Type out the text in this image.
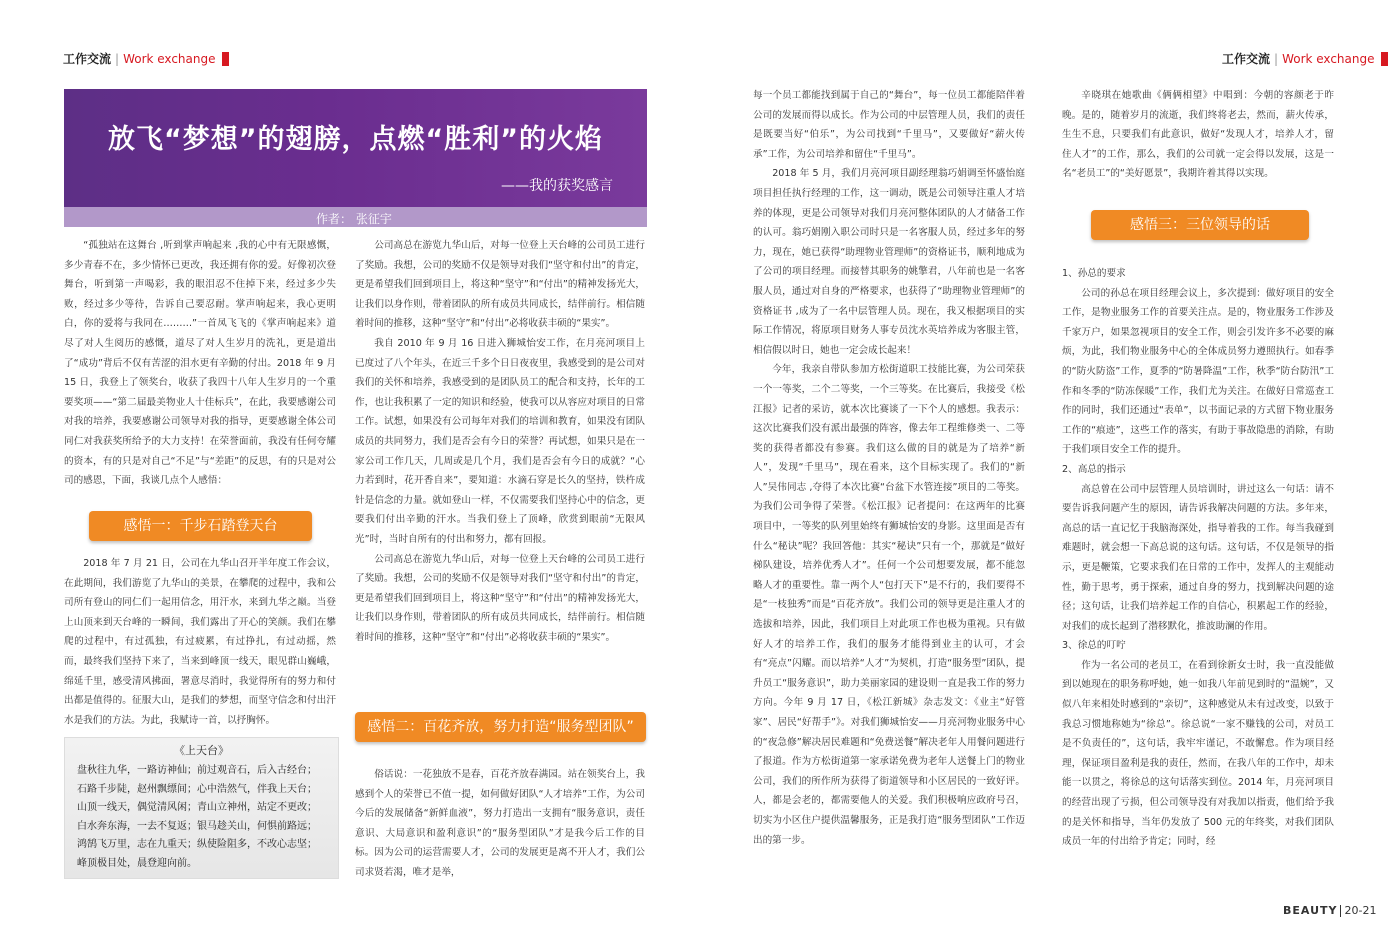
工作交流 | Work exchange	工作交流 | Work exchange
放飞“梦想”的翅膀，点燃“胜利”的火焰
——我的获奖感言
作者： 张征宇

“孤独站在这舞台 ,听到掌声响起来 ,我的心中有无限感慨，多少青春不在，多少情怀已更改，我还拥有你的爱。好像初次登舞台，听到第一声喝彩，我的眼泪忍不住掉下来，经过多少失败，经过多少等待，告诉自己要忍耐。掌声响起来，我心更明白，你的爱将与我同在………”一首凤飞飞的《掌声响起来》道尽了对人生阅历的感慨，道尽了对人生岁月的洗礼，更是道出了“成功”背后不仅有苦涩的泪水更有辛勤的付出。2018 年 9 月 15 日，我登上了领奖台，收获了我四十八年人生岁月的一个重要奖项——“第二届最美物业人十佳标兵”，在此，我要感谢公司对我的培养，我要感谢公司领导对我的指导，更要感谢全体公司同仁对我获奖所给予的大力支持！在荣誉面前，我没有任何夸耀的资本，有的只是对自己“不足”与“差距”的反思，有的只是对公司的感恩，下面，我谈几点个人感悟：

感悟一：千步石踏登天台

2018 年 7 月 21 日，公司在九华山召开半年度工作会议，在此期间，我们游览了九华山的美景，在攀爬的过程中，我和公司所有登山的同仁们一起用信念，用汗水，来到九华之巅。当登上山顶来到天台峰的一瞬间，我们露出了开心的笑颜。我们在攀爬的过程中，有过孤独，有过疲累，有过挣扎，有过动摇，然而，最终我们坚持下来了，当来到峰顶一线天，眼见群山巍峨，绵延千里，感受清风拂面，署意尽消时，我觉得所有的努力和付出都是值得的。征服大山，是我们的梦想，而坚守信念和付出汗水是我们的方法。为此，我赋诗一首，以抒胸怀。

《上天台》
盘秋往九华，一路访神仙；前过观音石，后入古经台；
石路千步陡，赵州飘缥间；心中浩然气，伴我上天台；
山顶一线天，偶觉清风闲；青山立神州，站定不更改；
白水奔东海，一去不复返；银马趁关山，何惧前路远；
鸿鹄飞万里，志在九重天；纵使险阻多，不改心志坚；
峰顶极目处，晨登迎向前。

公司高总在游览九华山后，对每一位登上天台峰的公司员工进行了奖励。我想，公司的奖励不仅是领导对我们“坚守和付出”的肯定，更是希望我们回到项目上，将这种“坚守”和“付出”的精神发扬光大，让我们以身作则，带着团队的所有成员共同成长，结伴前行。相信随着时间的推移，这种“坚守”和“付出”必将收获丰硕的“果实”。

我自 2010 年 9 月 16 日进入狮城怡安工作，在月亮河项目上已度过了八个年头，在近三千多个日日夜夜里，我感受到的是公司对我们的关怀和培养，我感受到的是团队员工的配合和支持，长年的工作，也让我积累了一定的知识和经验，使我可以从容应对项目的日常工作。试想，如果没有公司每年对我们的培训和教育，如果没有团队成员的共同努力，我们是否会有今日的荣誉？再试想，如果只是在一家公司工作几天，几周或是几个月，我们是否会有今日的成就？“心力若到时，花开香自来”，要知道：水滴石穿是长久的坚持，铁杵成针是信念的力量。就如登山一样，不仅需要我们坚持心中的信念，更要我们付出辛勤的汗水。当我们登上了顶峰，欣赏到眼前“无限风光”时，当时自所有的付出和努力，都有回报。

公司高总在游览九华山后，对每一位登上天台峰的公司员工进行了奖励。我想，公司的奖励不仅是领导对我们“坚守和付出”的肯定，更是希望我们回到项目上，将这种“坚守”和“付出”的精神发扬光大，让我们以身作则，带着团队的所有成员共同成长，结伴前行。相信随着时间的推移，这种“坚守”和“付出”必将收获丰硕的“果实”。

感悟二：百花齐放，努力打造“服务型团队”

俗话说：一花独放不是春，百花齐放春满园。站在领奖台上，我感到个人的荣誉已不值一提，如何做好团队“人才培养”工作，为公司今后的发展储备“新鲜血液”，努力打造出一支拥有“服务意识，责任意识、大局意识和盈利意识”的“服务型团队”才是我今后工作的目标。因为公司的运营需要人才，公司的发展更是离不开人才，我们公司求贤若渴，唯才是举，

每一个员工都能找到属于自己的“舞台”，每一位员工都能陪伴着公司的发展而得以成长。作为公司的中层管理人员，我们的责任是既要当好“伯乐”，为公司找到“千里马”，又要做好“薪火传承”工作，为公司培养和留住“千里马”。

2018 年 5 月，我们月亮河项目副经理翁巧娟调至怀盛怡庭项目担任执行经理的工作，这一调动，既是公司领导注重人才培养的体现，更是公司领导对我们月亮河整体团队的人才储备工作的认可。翁巧娟刚入职公司时只是一名客服人员，经过多年的努力，现在，她已获得“助理物业管理师”的资格证书，顺利地成为了公司的项目经理。而接替其职务的姚擎君，八年前也是一名客服人员，通过对自身的严格要求，也获得了“助理物业管理师”的资格证书 ,成为了一名中层管理人员。现在，我又根据项目的实际工作情况，将原项目财务人事专员沈水英培养成为客服主管，相信假以时日，她也一定会成长起来！

今年，我亲自带队参加方松街道职工技能比赛，为公司荣获一个一等奖，二个二等奖，一个三等奖。在比赛后，我接受《松江报》记者的采访，就本次比赛谈了一下个人的感想。我表示：这次比赛我们没有派出最强的阵容，像去年工程维修类一、二等奖的获得者都没有参赛。我们这么做的目的就是为了培养“新人”，发现“千里马”，现在看来，这个目标实现了。我们的“新人”吴伟同志 ,夺得了本次比赛“台盆下水管连接”项目的二等奖。为我们公司争得了荣誉。《松江报》记者提问：在这两年的比赛项目中，一等奖的队列里始终有狮城怡安的身影。这里面是否有什么“秘诀”呢？我回答他：其实“秘诀”只有一个，那就是“做好梯队建设，培养优秀人才”。任何一个公司想要发展，都不能忽略人才的重要性。靠一两个人“包打天下”是不行的，我们要得不是“一枝独秀”而是“百花齐放”。我们公司的领导更是注重人才的选拔和培养，因此，我们项目上对此项工作也极为重视。只有做好人才的培养工作，我们的服务才能得到业主的认可，才会有“亮点”闪耀。而以培养“人才”为契机，打造“服务型”团队，提升员工“服务意识”，助力美丽家园的建设则一直是我工作的努力方向。今年 9 月 17 日，《松江新城》杂志发文：《业主“好管家”、居民“好帮手”》。对我们狮城怡安——月亮河物业服务中心的“夜急修”解决居民难题和“免费送餐”解决老年人用餐问题进行了报道。作为方松街道第一家承诺免费为老年人送餐上门的物业公司，我们的所作所为获得了街道领导和小区居民的一致好评。人，都是会老的，都需要他人的关爱。我们积极响应政府号召，切实为小区住户提供温馨服务，正是我打造“服务型团队”工作迈出的第一步。

辛晓琪在她歌曲《俩俩相望》中唱到：今朝的容颜老于昨晚。是的，随着岁月的流逝，我们终将老去，然而，薪火传承，生生不息，只要我们有此意识，做好“发现人才，培养人才，留住人才”的工作，那么，我们的公司就一定会得以发展，这是一名“老员工”的“美好愿景”，我期许着其得以实现。

感悟三：三位领导的话

1、孙总的要求

公司的孙总在项目经理会议上，多次提到：做好项目的安全工作，是物业服务工作的首要关注点。是的，物业服务工作涉及千家万户，如果忽视项目的安全工作，则会引发许多不必要的麻烦，为此，我们物业服务中心的全体成员努力遵照执行。如春季的“防火防盗”工作，夏季的“防暑降温”工作，秋季“防台防汛”工作和冬季的“防冻保暖”工作，我们尤为关注。在做好日常巡查工作的同时，我们还通过“表单”，以书面记录的方式留下物业服务工作的“痕迹”，这些工作的落实，有助于事故隐患的消除，有助于我们项目安全工作的提升。

2、高总的指示

高总曾在公司中层管理人员培训时，讲过这么一句话：请不要告诉我问题产生的原因，请告诉我解决问题的方法。多年来，高总的话一直记忆于我脑海深处，指导着我的工作。每当我碰到难题时，就会想一下高总说的这句话。这句话，不仅是领导的指示，更是鞭策，它要求我们在日常的工作中，发挥人的主观能动性，勤于思考，勇于探索，通过自身的努力，找到解决问题的途径；这句话，让我们培养起工作的自信心，积累起工作的经验，对我们的成长起到了潜移默化，推波助澜的作用。

3、徐总的叮咛

作为一名公司的老员工，在看到徐新女士时，我一直没能做到以她现在的职务称呼她，她一如我八年前见到时的“温婉”，又似八年来相处时感到的“亲切”，这种感觉从未有过改变，以致于我总习惯地称她为“徐总”。徐总说“一家不赚钱的公司，对员工是不负责任的”，这句话，我牢牢谨记，不敢懈怠。作为项目经理，保证项目盈利是我的责任，然而，在我八年的工作中，却未能一以贯之，将徐总的这句话落实到位。2014 年，月亮河项目的经营出现了亏损，但公司领导没有对我加以指责，他们给予我的是关怀和指导，当年仍发放了 500 元的年终奖，对我们团队成员一年的付出给予肯定；同时，经

BEAUTY 20-21
